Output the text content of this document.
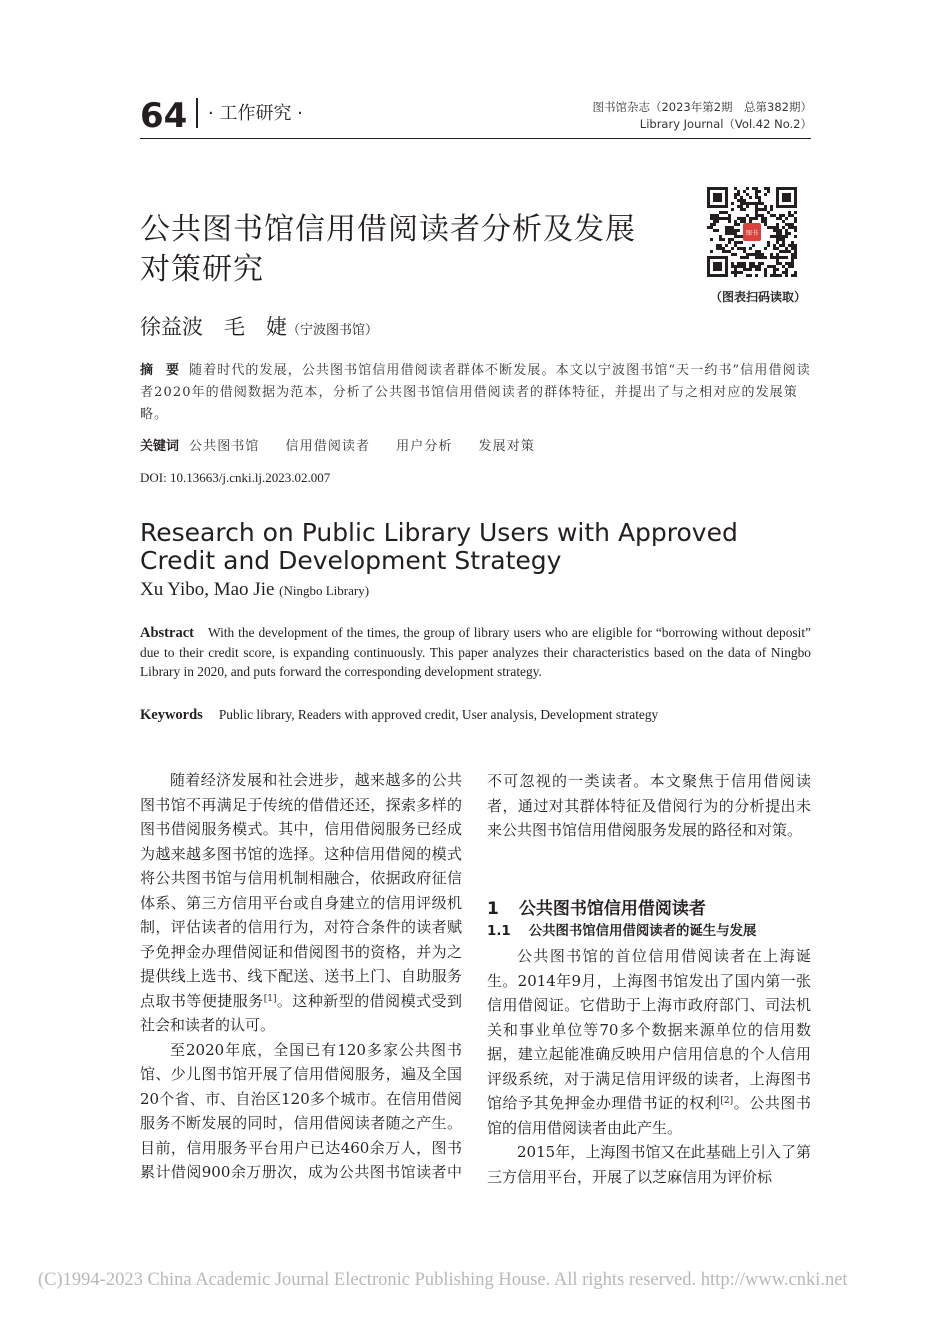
64 · 工作研究 ·	图书馆杂志（2023年第2期　总第382期）
Library Journal（Vol.42 No.2）
公共图书馆信用借阅读者分析及发展对策研究
图书
（图表扫码读取）
徐益波　毛　婕（宁波图书馆）
摘　要 随着时代的发展，公共图书馆信用借阅读者群体不断发展。本文以宁波图书馆“天一约书”信用借阅读者2020年的借阅数据为范本，分析了公共图书馆信用借阅读者的群体特征，并提出了与之相对应的发展策略。
关键词 公共图书馆 信用借阅读者 用户分析 发展对策
DOI: 10.13663/j.cnki.lj.2023.02.007
Research on Public Library Users with Approved Credit and Development Strategy
Xu Yibo, Mao Jie (Ningbo Library)
Abstract With the development of the times, the group of library users who are eligible for “borrowing without deposit” due to their credit score, is expanding continuously. This paper analyzes their characteristics based on the data of Ningbo Library in 2020, and puts forward the corresponding development strategy.
Keywords Public library, Readers with approved credit, User analysis, Development strategy

随着经济发展和社会进步，越来越多的公共图书馆不再满足于传统的借借还还，探索多样的图书借阅服务模式。其中，信用借阅服务已经成为越来越多图书馆的选择。这种信用借阅的模式将公共图书馆与信用机制相融合，依据政府征信体系、第三方信用平台或自身建立的信用评级机制，评估读者的信用行为，对符合条件的读者赋予免押金办理借阅证和借阅图书的资格，并为之提供线上选书、线下配送、送书上门、自助服务点取书等便捷服务[1]。这种新型的借阅模式受到社会和读者的认可。

至2020年底，全国已有120多家公共图书馆、少儿图书馆开展了信用借阅服务，遍及全国20个省、市、自治区120多个城市。在信用借阅服务不断发展的同时，信用借阅读者随之产生。目前，信用服务平台用户已达460余万人，图书累计借阅900余万册次，成为公共图书馆读者中

不可忽视的一类读者。本文聚焦于信用借阅读者，通过对其群体特征及借阅行为的分析提出未来公共图书馆信用借阅服务发展的路径和对策。

1 公共图书馆信用借阅读者
1.1 公共图书馆信用借阅读者的诞生与发展

公共图书馆的首位信用借阅读者在上海诞生。2014年9月，上海图书馆发出了国内第一张信用借阅证。它借助于上海市政府部门、司法机关和事业单位等70多个数据来源单位的信用数据，建立起能准确反映用户信用信息的个人信用评级系统，对于满足信用评级的读者，上海图书馆给予其免押金办理借书证的权利[2]。公共图书馆的信用借阅读者由此产生。

2015年，上海图书馆又在此基础上引入了第三方信用平台，开展了以芝麻信用为评价标

(C)1994-2023 China Academic Journal Electronic Publishing House. All rights reserved. http://www.cnki.net
